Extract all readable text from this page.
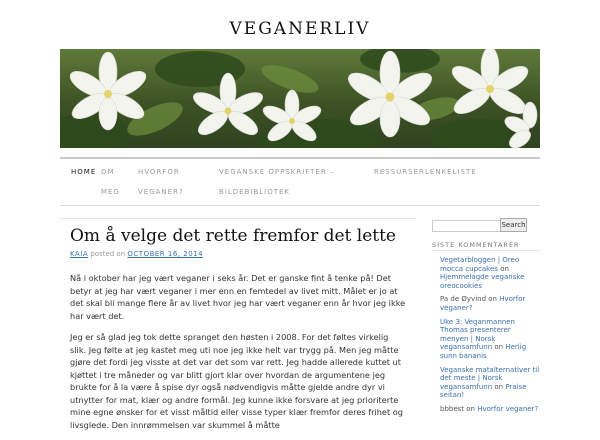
VEGANERLIV
HOME OM
MEG
HVORFOR
VEGANER?
VEGANSKE OPPSKRIFTER –
BILDEBIBLIOTEK
RESSURSER LENKELISTE
Om å velge det rette fremfor det lette
KAIA posted on OCTOBER 16, 2014

Nå i oktober har jeg vært veganer i seks år. Det er ganske fint å tenke på! Det betyr at jeg har vært veganer i mer enn en femtedel av livet mitt. Målet er jo at det skal bli mange flere år av livet hvor jeg har vært veganer enn år hvor jeg ikke har vært det.

Jeg er så glad jeg tok dette spranget den høsten i 2008. For det føltes virkelig slik. Jeg følte at jeg kastet meg uti noe jeg ikke helt var trygg på. Men jeg måtte gjøre det fordi jeg visste at det var det som var rett. Jeg hadde allerede kuttet ut kjøttet i tre måneder og var blitt gjort klar over hvordan de argumentene jeg brukte for å la være å spise dyr også nødvendigvis måtte gjelde andre dyr vi utnytter for mat, klær og andre formål. Jeg kunne ikke forsvare at jeg prioriterte mine egne ønsker for et visst måltid eller visse typer klær fremfor deres frihet og livsglede. Den innrømmelsen var skummel å måtte

Search
SISTE KOMMENTARER
Vegetarbloggen | Oreo mocca cupcakes on Hjemmelagde veganske oreocookies
Pa de Øyvind on Hvorfor veganer?
Uke 3: Veganmannen Thomas presenterer menyen | Norsk vegansamfunn on Herlig sunn bananis
Veganske matalternativer til det meste | Norsk vegansamfunn on Praise seitan!
bbbest on Hvorfor veganer?
